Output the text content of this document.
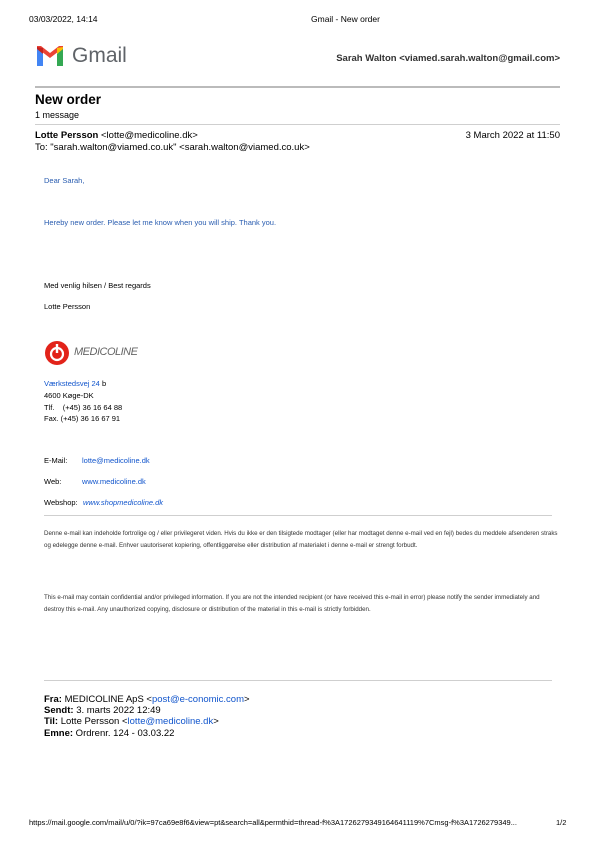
03/03/2022, 14:14	Gmail - New order
Gmail	Sarah Walton <viamed.sarah.walton@gmail.com>
New order
1 message
Lotte Persson <lotte@medicoline.dk>	3 March 2022 at 11:50
To: "sarah.walton@viamed.co.uk" <sarah.walton@viamed.co.uk>
Dear Sarah,
Hereby new order. Please let me know when you will ship. Thank you.
Med venlig hilsen / Best regards
Lotte Persson
MEDICOLINE
Værkstedsvej 24 b
4600 Køge-DK
Tlf.    (+45) 36 16 64 88
Fax. (+45) 36 16 67 91
E-Mail: lotte@medicoline.dk
Web:	www.medicoline.dk
Webshop: www.shopmedicoline.dk
Denne e-mail kan indeholde fortrolige og / eller privilegeret viden. Hvis du ikke er den tilsigtede modtager (eller har modtaget denne e-mail ved en fejl) bedes du meddele afsenderen straks og edelegge denne e-mail. Enhver uautoriseret kopiering, offentliggørelse eller distribution af materialet i denne e-mail er strengt forbudt.
This e-mail may contain confidential and/or privileged information. If you are not the intended recipient (or have received this e-mail in error) please notify the sender immediately and destroy this e-mail. Any unauthorized copying, disclosure or distribution of the material in this e-mail is strictly forbidden.
Fra: MEDICOLINE ApS <post@e-conomic.com>
Sendt: 3. marts 2022 12:49
Til: Lotte Persson <lotte@medicoline.dk>
Emne: Ordrenr. 124 - 03.03.22
https://mail.google.com/mail/u/0/?ik=97ca69e8f6&view=pt&search=all&permthid=thread-f%3A1726279349164641119%7Cmsg-f%3A1726279349...	1/2
